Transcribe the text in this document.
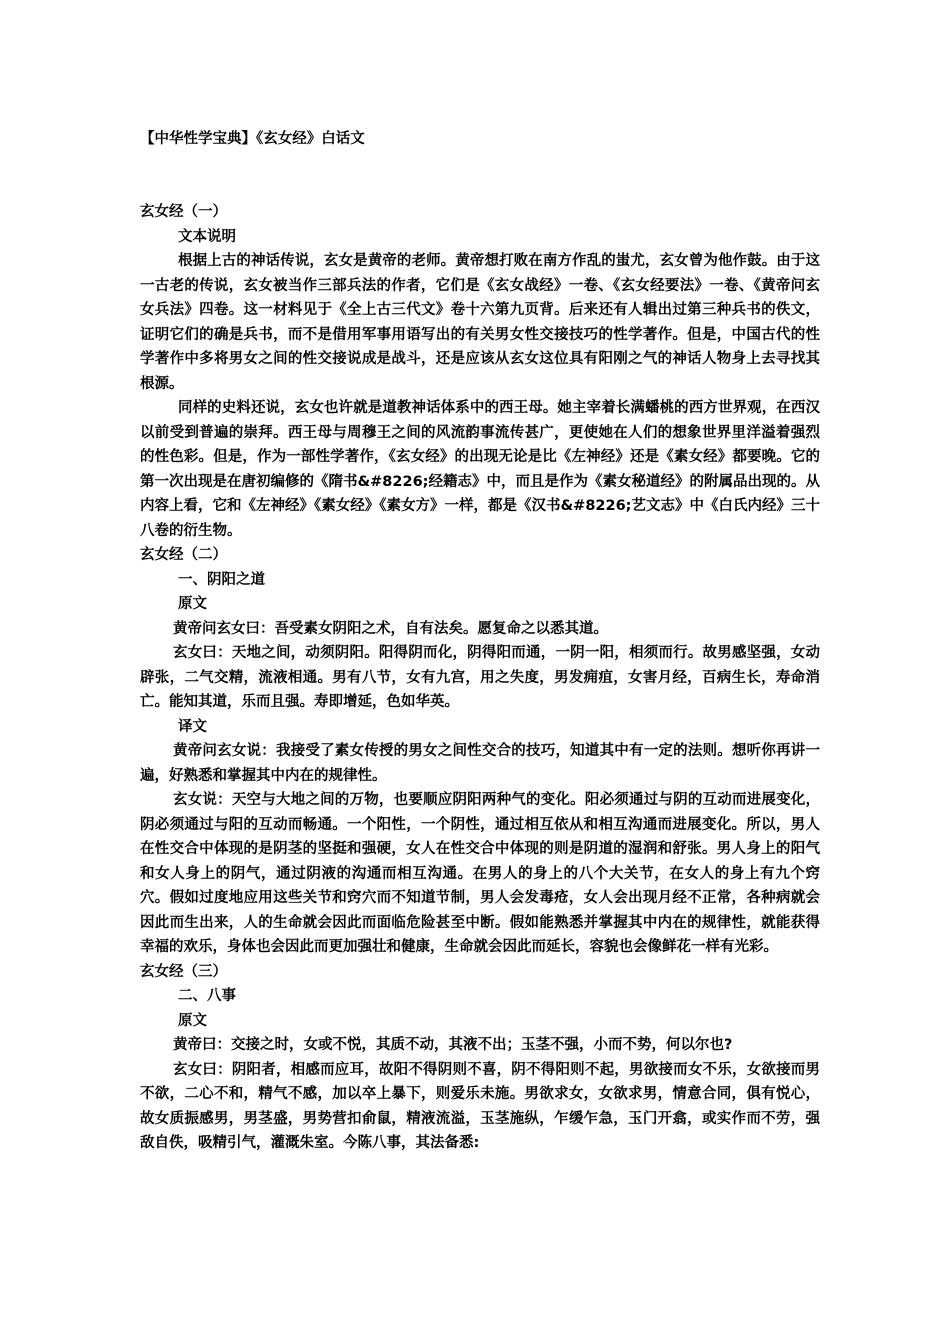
【中华性学宝典】《玄女经》白话文
玄女经（一）
文本说明

根据上古的神话传说，玄女是黄帝的老师。黄帝想打败在南方作乱的蚩尤，玄女曾为他作鼓。由于这一古老的传说，玄女被当作三部兵法的作者，它们是《玄女战经》一卷、《玄女经要法》一卷、《黄帝问玄女兵法》四卷。这一材料见于《全上古三代文》卷十六第九页背。后来还有人辑出过第三种兵书的佚文，证明它们的确是兵书，而不是借用军事用语写出的有关男女性交接技巧的性学著作。但是，中国古代的性学著作中多将男女之间的性交接说成是战斗，还是应该从玄女这位具有阳刚之气的神话人物身上去寻找其根源。

同样的史料还说，玄女也许就是道教神话体系中的西王母。她主宰着长满蟠桃的西方世界观，在西汉以前受到普遍的崇拜。西王母与周穆王之间的风流韵事流传甚广，更使她在人们的想象世界里洋溢着强烈的性色彩。但是，作为一部性学著作，《玄女经》的出现无论是比《左神经》还是《素女经》都要晚。它的第一次出现是在唐初编修的《隋书&#8226;经籍志》中，而且是作为《素女秘道经》的附属品出现的。从内容上看，它和《左神经》《素女经》《素女方》一样，都是《汉书&#8226;艺文志》中《白氏内经》三十八卷的衍生物。

玄女经（二）
一、阴阳之道
原文

黄帝问玄女曰：吾受素女阴阳之术，自有法矣。愿复命之以悉其道。

玄女曰：天地之间，动须阴阳。阳得阴而化，阴得阳而通，一阴一阳，相须而行。故男感坚强，女动辟张，二气交精，流液相通。男有八节，女有九宫，用之失度，男发痈疽，女害月经，百病生长，寿命消亡。能知其道，乐而且强。寿即增延，色如华英。

译文

黄帝问玄女说：我接受了素女传授的男女之间性交合的技巧，知道其中有一定的法则。想听你再讲一遍，好熟悉和掌握其中内在的规律性。

玄女说：天空与大地之间的万物，也要顺应阴阳两种气的变化。阳必须通过与阴的互动而进展变化，阴必须通过与阳的互动而畅通。一个阳性，一个阴性，通过相互依从和相互沟通而进展变化。所以，男人在性交合中体现的是阴茎的坚挺和强硬，女人在性交合中体现的则是阴道的湿润和舒张。男人身上的阳气和女人身上的阴气，通过阴液的沟通而相互沟通。在男人的身上的八个大关节，在女人的身上有九个窍穴。假如过度地应用这些关节和窍穴而不知道节制，男人会发毒疮，女人会出现月经不正常，各种病就会因此而生出来，人的生命就会因此而面临危险甚至中断。假如能熟悉并掌握其中内在的规律性，就能获得幸福的欢乐，身体也会因此而更加强壮和健康，生命就会因此而延长，容貌也会像鲜花一样有光彩。

玄女经（三）
二、八事
原文

黄帝曰：交接之时，女或不悦，其质不动，其液不出；玉茎不强，小而不势，何以尔也?

玄女曰：阴阳者，相感而应耳，故阳不得阴则不喜，阴不得阳则不起，男欲接而女不乐，女欲接而男不欲，二心不和，精气不感，加以卒上暴下，则爱乐未施。男欲求女，女欲求男，情意合同，俱有悦心，故女质振感男，男茎盛，男势营扣俞鼠，精液流溢，玉茎施纵，乍缓乍急，玉门开翕，或实作而不劳，强敌自佚，吸精引气，灌溉朱室。今陈八事，其法备悉:
